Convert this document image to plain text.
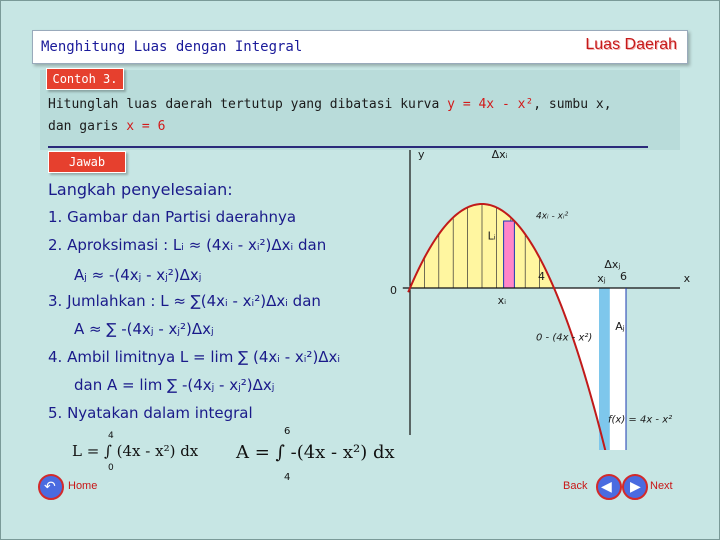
Menghitung Luas dengan Integral	Luas Daerah
Contoh 3.
Hitunglah luas daerah tertutup yang dibatasi kurva y = 4x - x², sumbu x,
dan garis x = 6
Jawab
Langkah penyelesaian:
1. Gambar dan Partisi daerahnya
2. Aproksimasi : Lᵢ ≈ (4xᵢ - xᵢ²)Δxᵢ dan
Aⱼ ≈ -(4xⱼ - xⱼ²)Δxⱼ
3. Jumlahkan : L ≈ ∑(4xᵢ - xᵢ²)Δxᵢ dan
A ≈ ∑ -(4xⱼ - xⱼ²)Δxⱼ
4. Ambil limitnya L = lim ∑ (4xᵢ - xᵢ²)Δxᵢ
dan A = lim ∑ -(4xⱼ - xⱼ²)Δxⱼ
5. Nyatakan dalam integral
L = ∫ (4x - x²) dx
4
0
A = ∫ -(4x - x²) dx
6
4
y
x
0
4	6
Δxᵢ
Lᵢ
xᵢ
Δxⱼ
xⱼ
Aⱼ
4xᵢ - xᵢ²
0 - (4x - x²)
f(x) = 4x - x²
↶ Home	Back ◀ ▶ Next
